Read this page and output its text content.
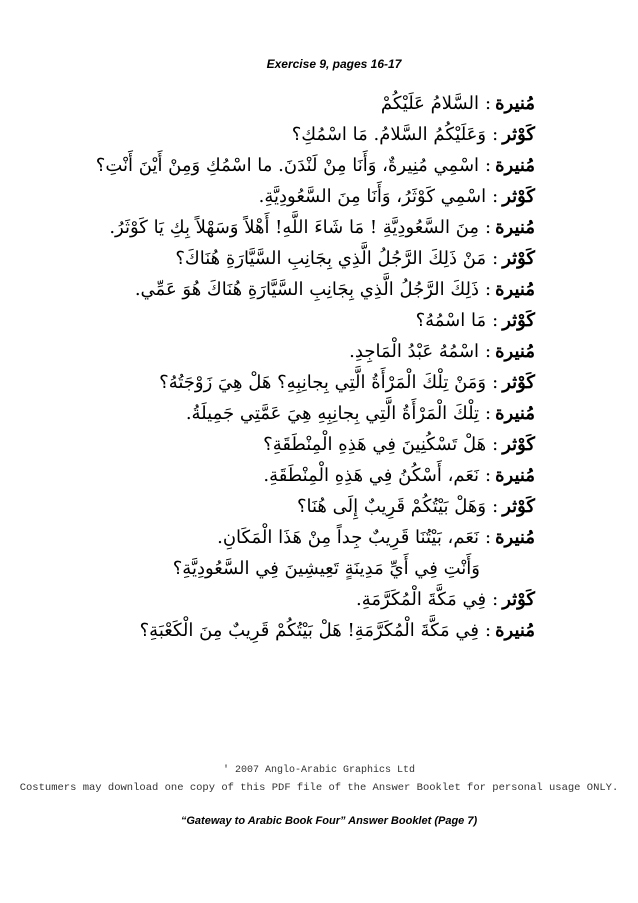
Exercise 9, pages 16-17
مُنيرة:السَّلامُ عَلَيْكُمْ
كَوْثر:وَعَلَيْكُمُ السَّلامُ. مَا اسْمُكِ؟
مُنيرة:اسْمِي مُنِيرةٌ، وَأَنَا مِنْ لَنْدَنَ. ما اسْمُكِ وَمِنْ أَيْنَ أَنْتِ؟
كَوْثر:اسْمِي كَوْثَرُ، وَأَنَا مِنَ السَّعُودِيَّةِ.
مُنيرة:مِنَ السَّعُودِيَّةِ ! مَا شَاءَ اللَّهِ! أَهْلاً وَسَهْلاً بِكِ يَا كَوْثَرُ.
كَوْثر:مَنْ ذَلِكَ الرَّجُلُ الَّذِي بِجَانِبِ السَّيَّارَةِ هُنَاكَ؟
مُنيرة:ذَلِكَ الرَّجُلُ الَّذِي بِجَانِبِ السَّيَّارَةِ هُنَاكَ هُوَ عَمِّي.
كَوْثر:مَا اسْمُهُ؟
مُنيرة:اسْمُهُ عَبْدُ الْمَاجِدِ.
كَوْثر:وَمَنْ تِلْكَ الْمَرْأَةُ الَّتِي بِجانِبِهِ؟ هَلْ هِيَ زَوْجَتُهُ؟
مُنيرة:تِلْكَ الْمَرْأَةُ الَّتِي بِجانِبِهِ هِيَ عَمَّتِي جَمِيلَةُ.
كَوْثر:هَلْ تَسْكُنِينَ فِي هَذِهِ الْمِنْطَقَةِ؟
مُنيرة:نَعَم، أَسْكُنُ فِي هَذِهِ الْمِنْطَقَةِ.
كَوْثر:وَهَلْ بَيْتُكُمْ قَرِيبٌ إِلَى هُنَا؟
مُنيرة:نَعَم، بَيْتُنَا قَرِيبٌ جِداً مِنْ هَذَا الْمَكَانِ.
وَأَنْتِ فِي أَيِّ مَدِينَةٍ تَعِيشِينَ فِي السَّعُودِيَّةِ؟
كَوْثر:فِي مَكَّةَ الْمُكَرَّمَةِ.
مُنيرة:فِي مَكَّةَ الْمُكَرَّمَةِ! هَلْ بَيْتُكُمْ قَرِيبٌ مِنَ الْكَعْبَةِ؟
' 2007 Anglo-Arabic Graphics Ltd
Costumers may download one copy of this PDF file of the Answer Booklet for personal usage ONLY.
“Gateway to Arabic Book Four” Answer Booklet (Page 7)
